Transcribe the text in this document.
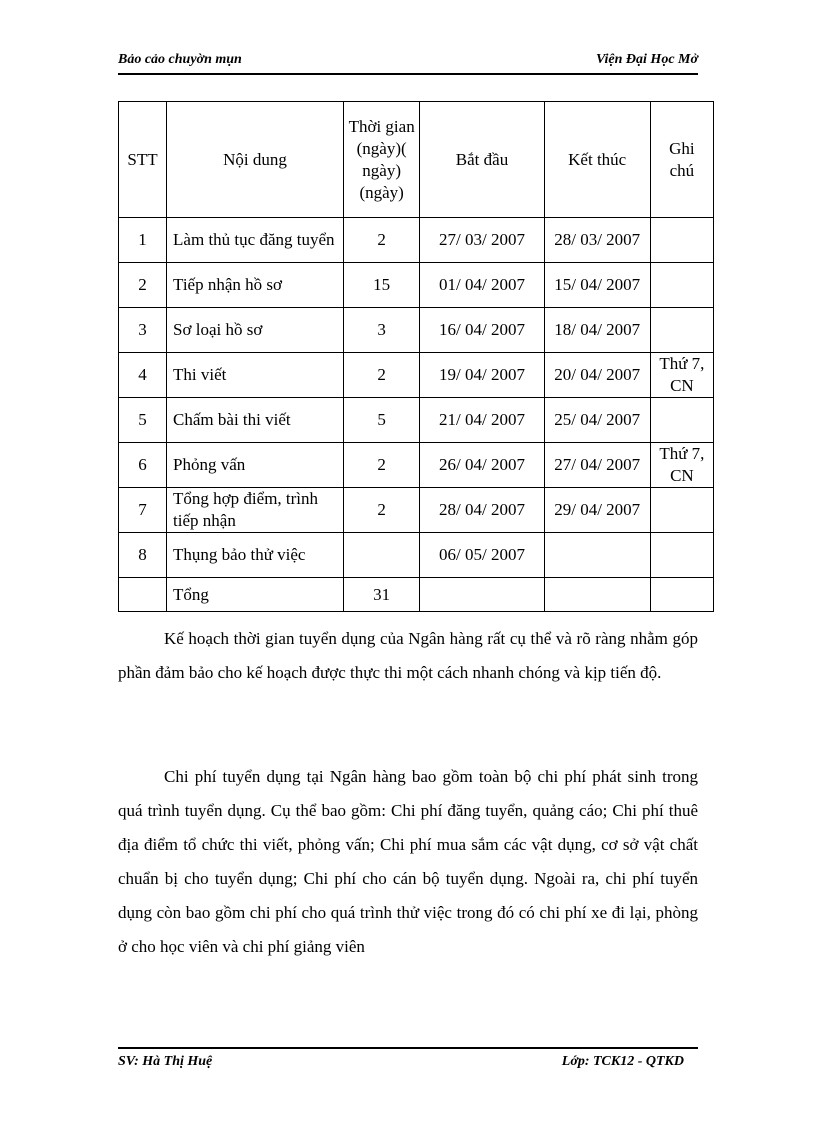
Bảo cảo chuyờn mụn	Viện Đại Học Mở
STT	Nội dung	Thời gian (ngày)( ngày) (ngày)	Bắt đầu	Kết thúc	Ghi chú
1	Làm thủ tục đăng tuyển	2	27/ 03/ 2007	28/ 03/ 2007	
2	Tiếp nhận hồ sơ	15	01/ 04/ 2007	15/ 04/ 2007	
3	Sơ loại hồ sơ	3	16/ 04/ 2007	18/ 04/ 2007	
4	Thi viết	2	19/ 04/ 2007	20/ 04/ 2007	Thứ 7, CN
5	Chấm bài thi viết	5	21/ 04/ 2007	25/ 04/ 2007	
6	Phỏng vấn	2	26/ 04/ 2007	27/ 04/ 2007	Thứ 7, CN
7	Tổng hợp điểm, trình tiếp nhận	2	28/ 04/ 2007	29/ 04/ 2007	
8	Thụng bảo thử việc		06/ 05/ 2007		
	Tổng	31			

Kế hoạch thời gian tuyển dụng của Ngân hàng rất cụ thể và rõ ràng nhằm góp phần đảm bảo cho kế hoạch được thực thi một cách nhanh chóng và kịp tiến độ.

Chi phí tuyển dụng tại Ngân hàng bao gồm toàn bộ chi phí phát sinh trong quá trình tuyển dụng. Cụ thể bao gồm: Chi phí đăng tuyển, quảng cáo; Chi phí thuê địa điểm tổ chức thi viết, phỏng vấn; Chi phí mua sắm các vật dụng, cơ sở vật chất chuẩn bị cho tuyển dụng; Chi phí cho cán bộ tuyển dụng. Ngoài ra, chi phí tuyển dụng còn bao gồm chi phí cho quá trình thử việc trong đó có chi phí xe đi lại, phòng ở cho học viên và chi phí giảng viên

SV: Hà Thị Huệ	Lớp: TCK12 - QTKD
